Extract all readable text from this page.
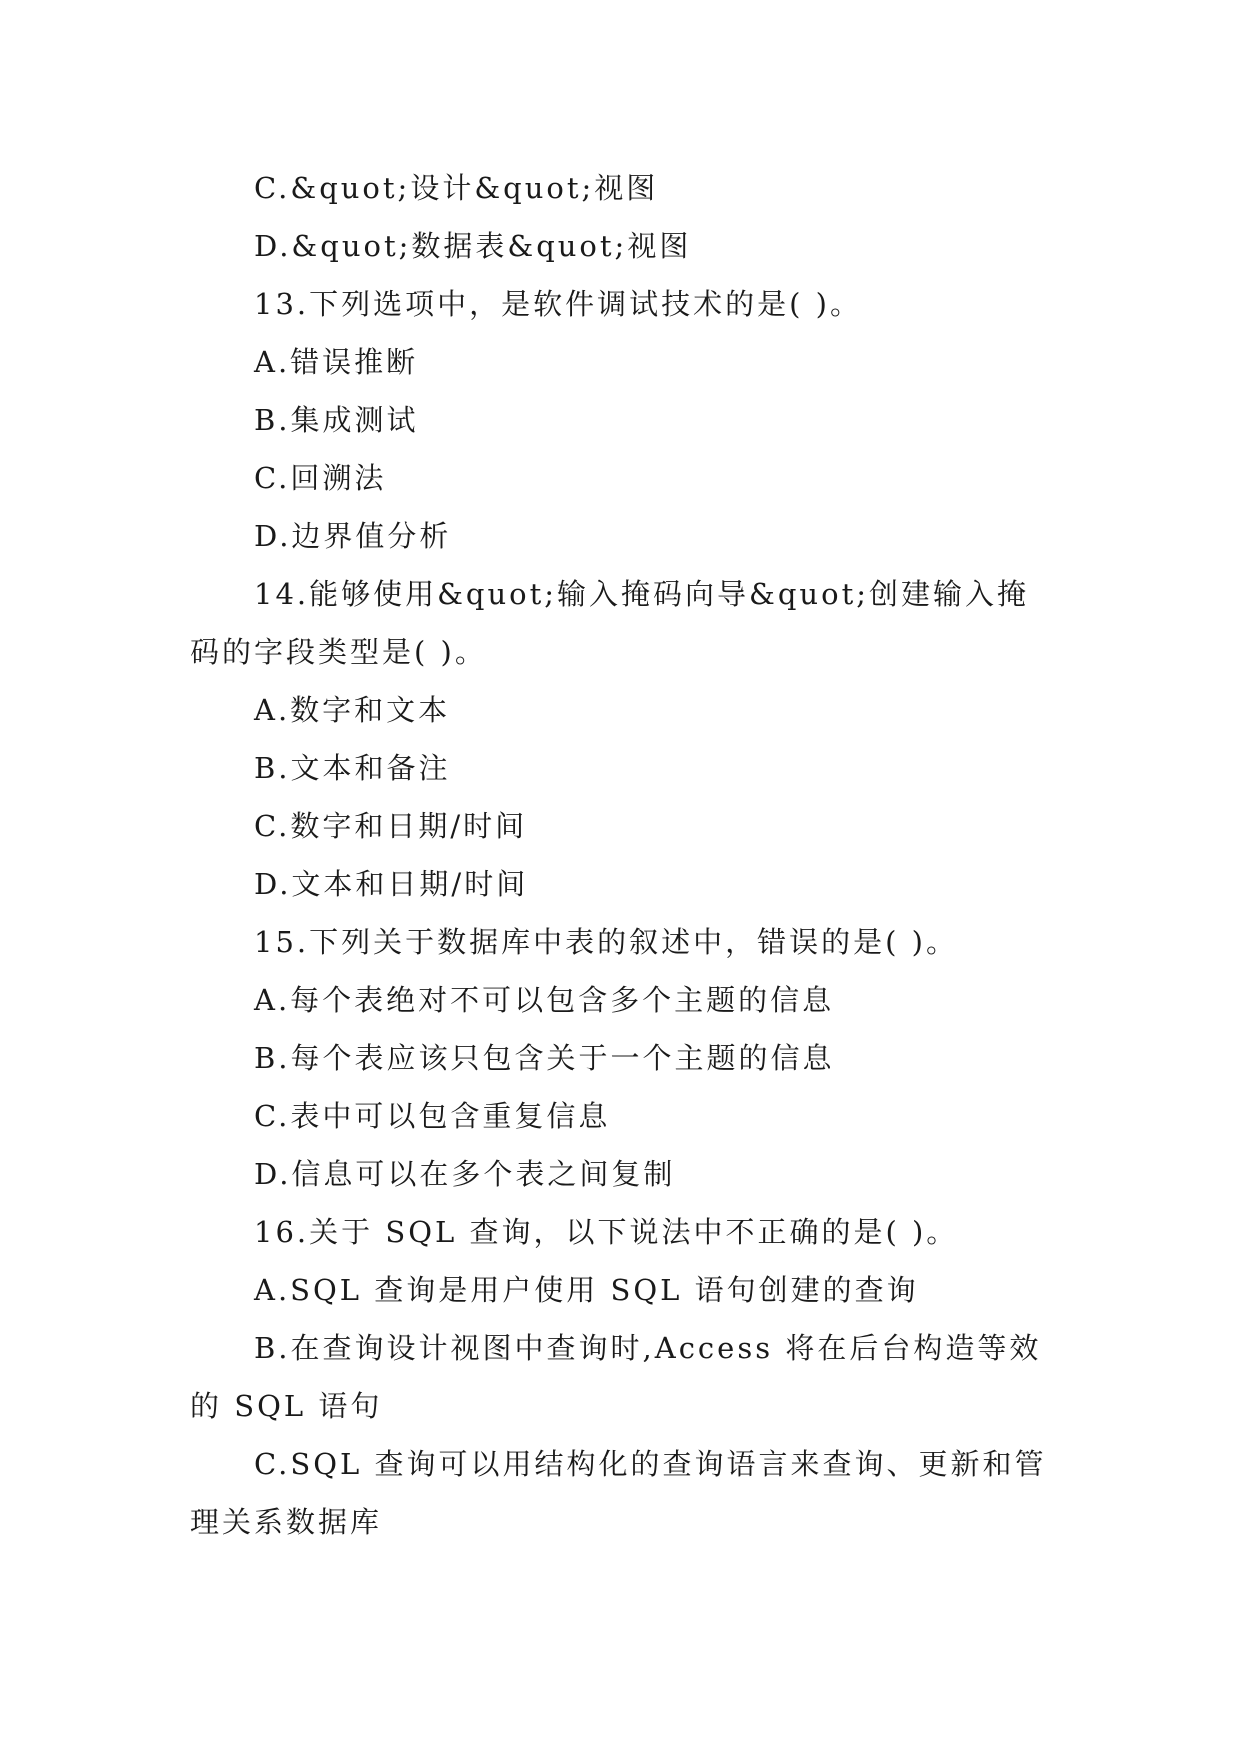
C.&quot;设计&quot;视图
D.&quot;数据表&quot;视图
13.下列选项中，是软件调试技术的是( )。
A.错误推断
B.集成测试
C.回溯法
D.边界值分析
14.能够使用&quot;输入掩码向导&quot;创建输入掩码的字段类型是( )。
A.数字和文本
B.文本和备注
C.数字和日期/时间
D.文本和日期/时间
15.下列关于数据库中表的叙述中，错误的是( )。
A.每个表绝对不可以包含多个主题的信息
B.每个表应该只包含关于一个主题的信息
C.表中可以包含重复信息
D.信息可以在多个表之间复制
16.关于 SQL 查询，以下说法中不正确的是( )。
A.SQL 查询是用户使用 SQL 语句创建的查询
B.在查询设计视图中查询时,Access 将在后台构造等效的 SQL 语句
C.SQL 查询可以用结构化的查询语言来查询、更新和管理关系数据库
